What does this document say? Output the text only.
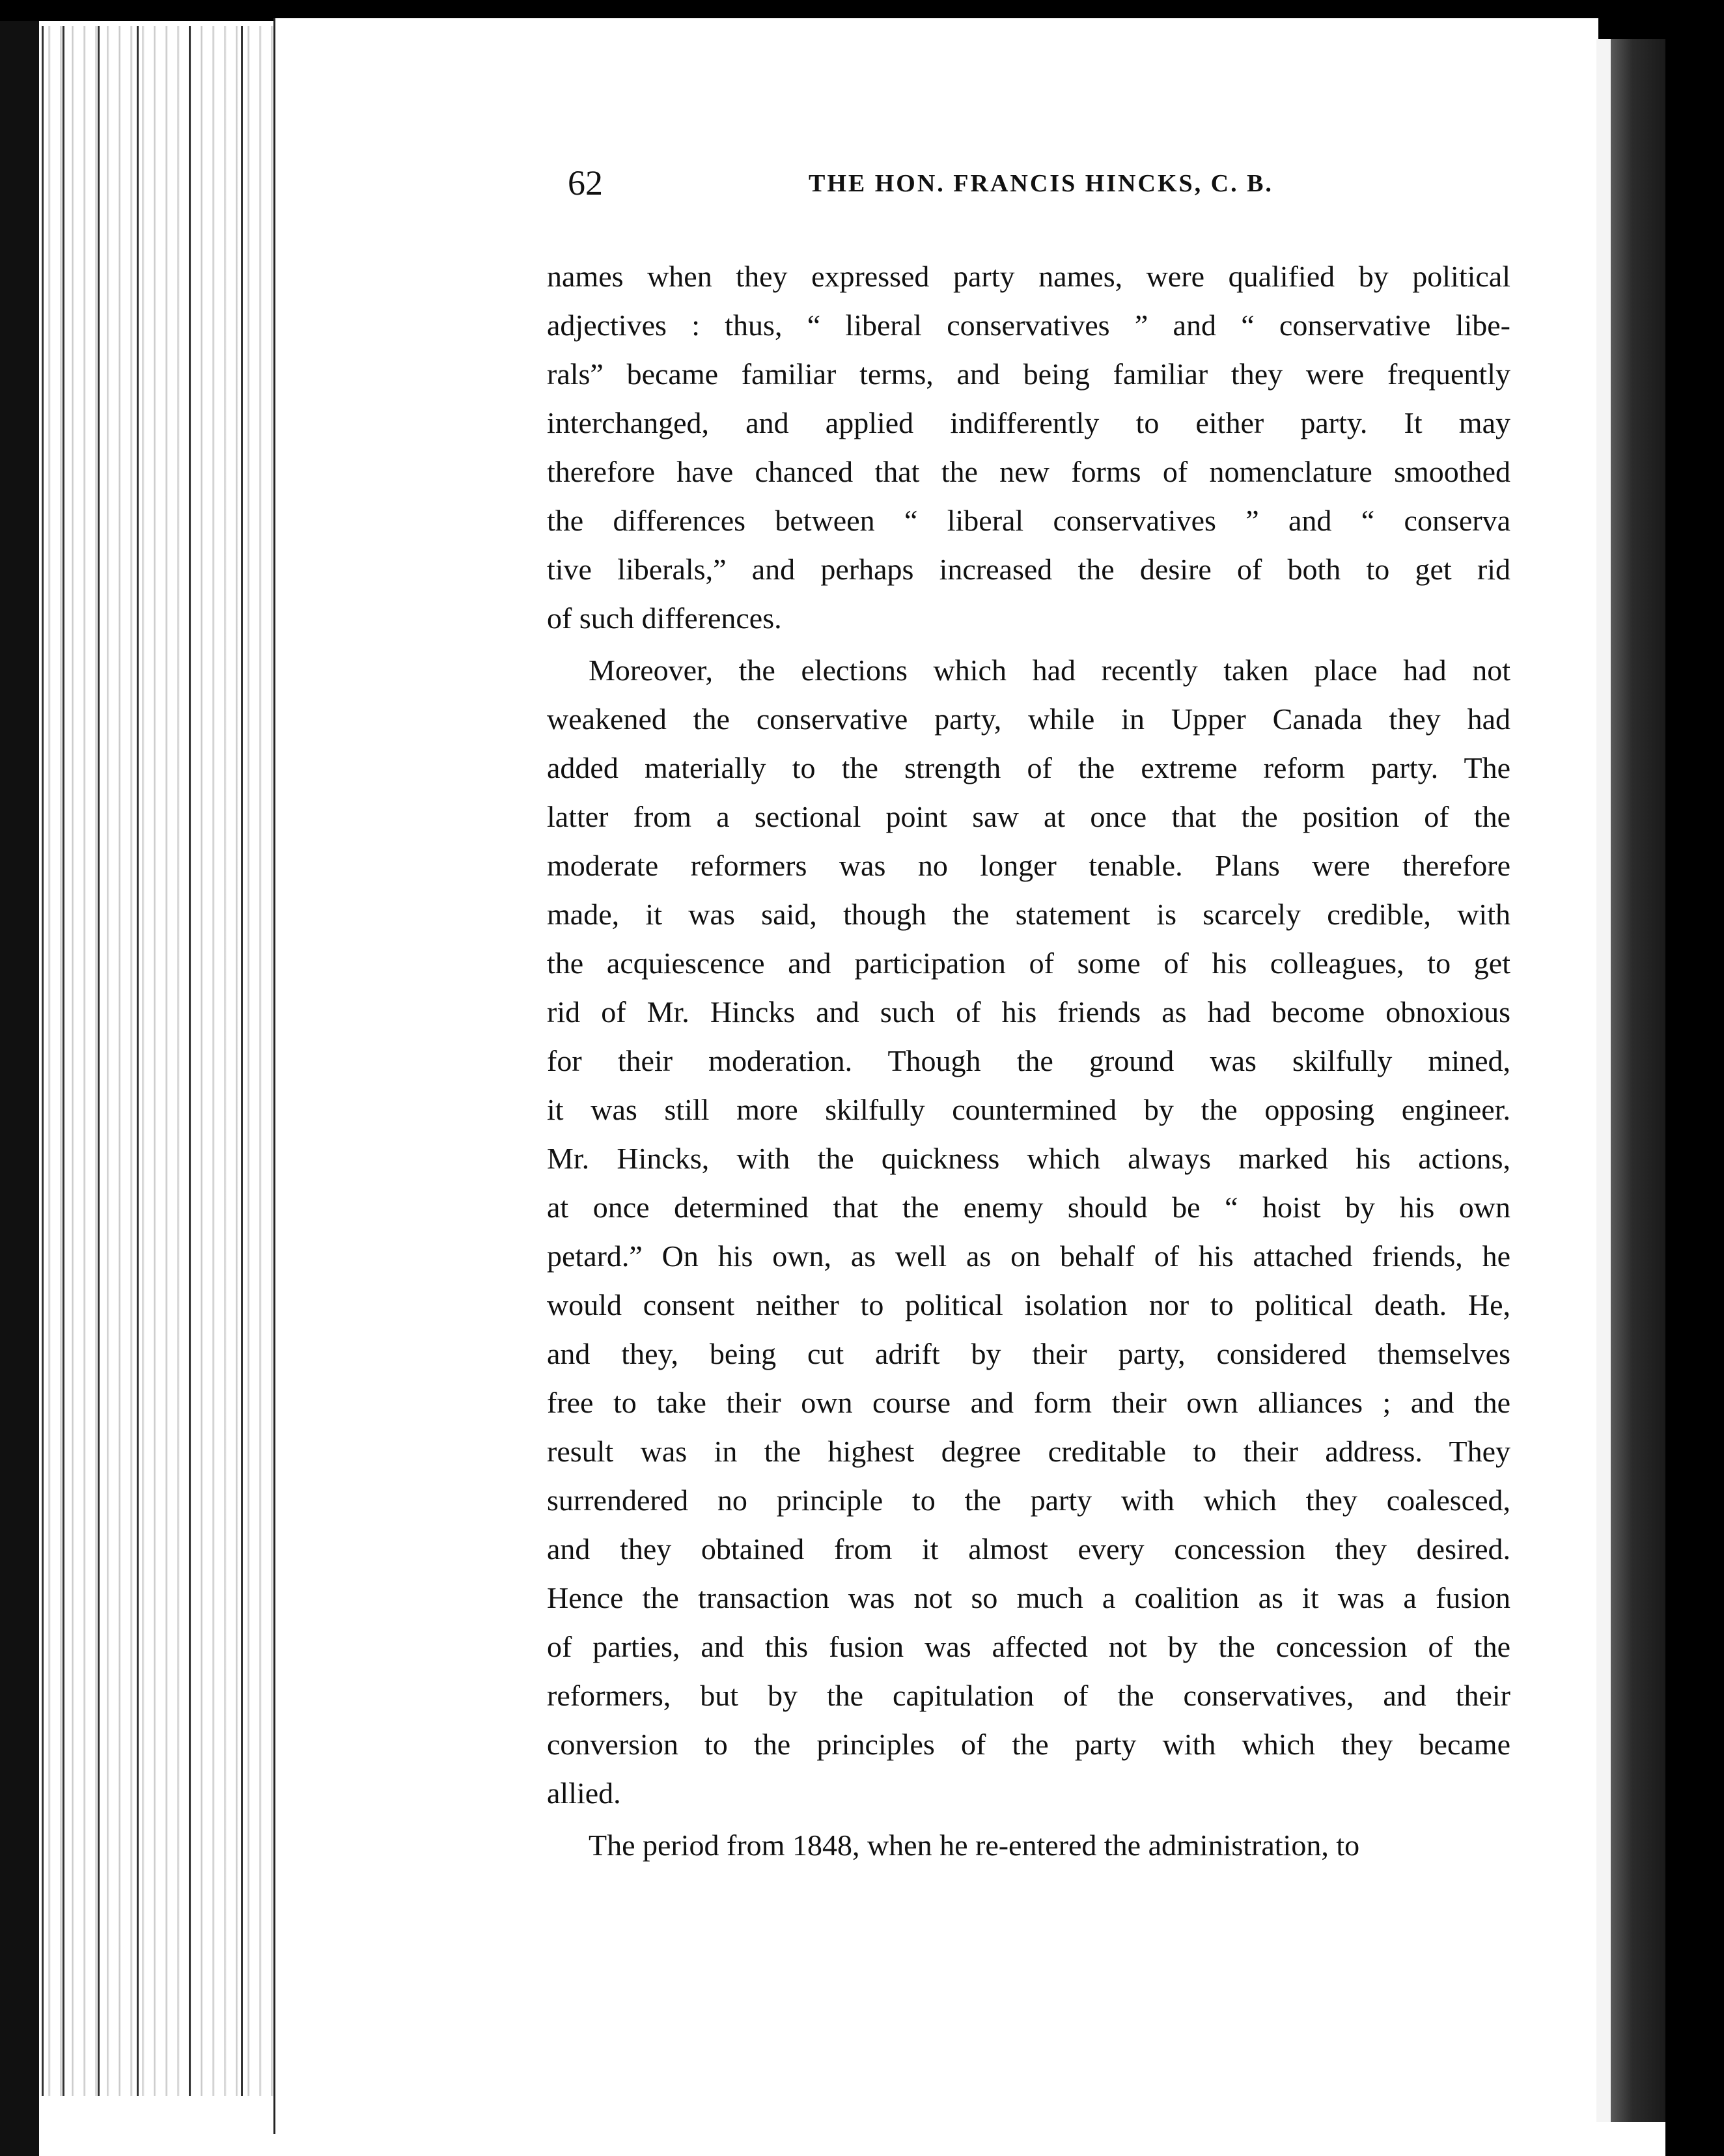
62	THE HON. FRANCIS HINCKS, C. B.
names when they expressed party names, were qualified by political
adjectives : thus, “ liberal conservatives ” and “ conservative libe-
rals” became familiar terms, and being familiar they were frequently
interchanged, and applied indifferently to either party. It may
therefore have chanced that the new forms of nomenclature smoothed
the differences between “ liberal conservatives ” and “ conserva
tive liberals,” and perhaps increased the desire of both to get rid
of such differences.
Moreover, the elections which had recently taken place had not
weakened the conservative party, while in Upper Canada they had
added materially to the strength of the extreme reform party. The
latter from a sectional point saw at once that the position of the
moderate reformers was no longer tenable. Plans were therefore
made, it was said, though the statement is scarcely credible, with
the acquiescence and participation of some of his colleagues, to get
rid of Mr. Hincks and such of his friends as had become obnoxious
for their moderation. Though the ground was skilfully mined,
it was still more skilfully countermined by the opposing engineer.
Mr. Hincks, with the quickness which always marked his actions,
at once determined that the enemy should be “ hoist by his own
petard.” On his own, as well as on behalf of his attached friends, he
would consent neither to political isolation nor to political death. He,
and they, being cut adrift by their party, considered themselves
free to take their own course and form their own alliances ; and the
result was in the highest degree creditable to their address. They
surrendered no principle to the party with which they coalesced,
and they obtained from it almost every concession they desired.
Hence the transaction was not so much a coalition as it was a fusion
of parties, and this fusion was affected not by the concession of the
reformers, but by the capitulation of the conservatives, and their
conversion to the principles of the party with which they became
allied.
The period from 1848, when he re-entered the administration, to
